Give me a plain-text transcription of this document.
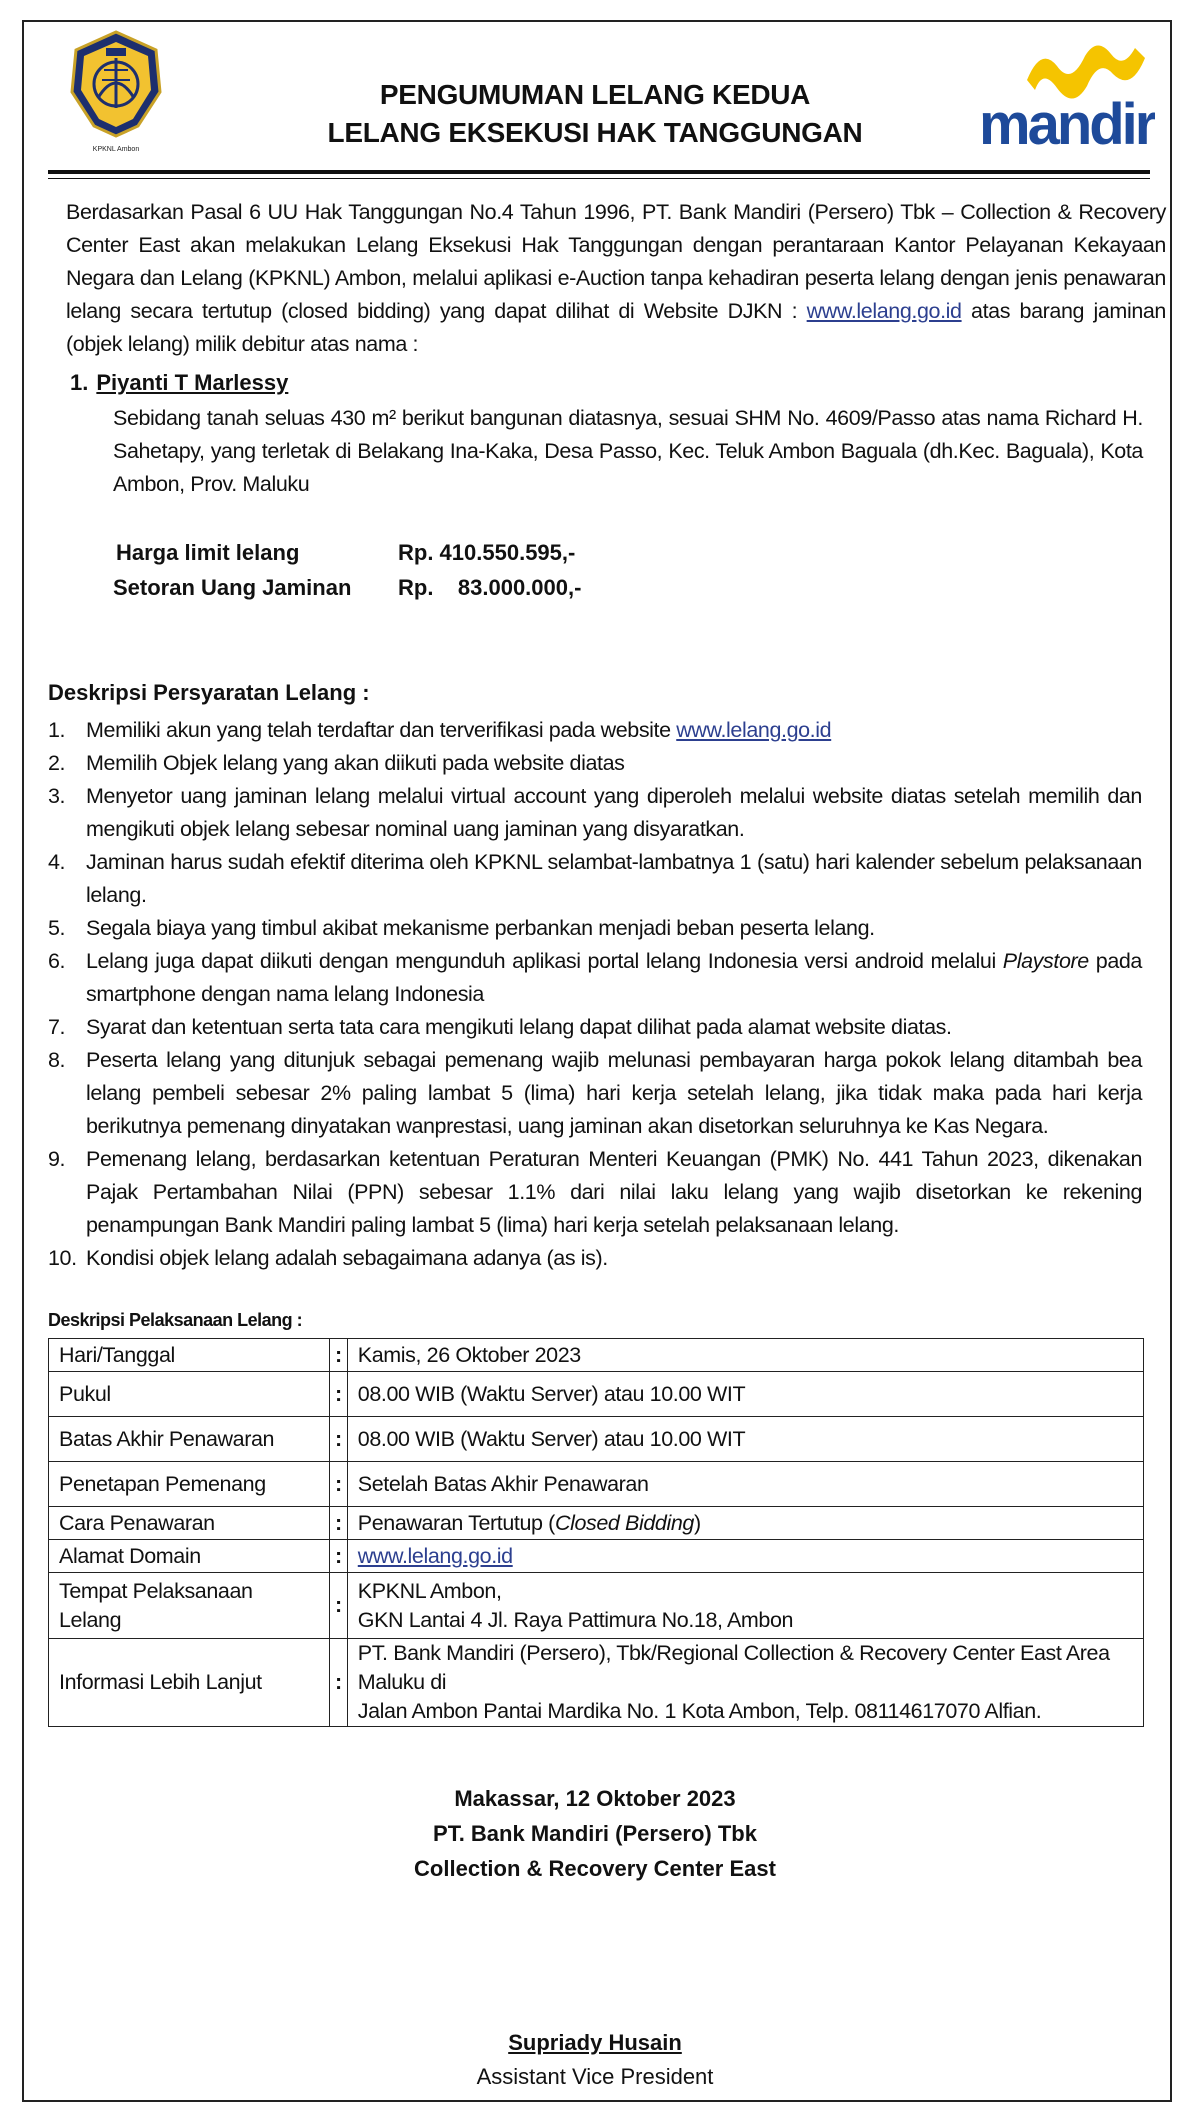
KPKNL Ambon	mandiri
PENGUMUMAN LELANG KEDUA
LELANG EKSEKUSI HAK TANGGUNGAN
Berdasarkan Pasal 6 UU Hak Tanggungan No.4 Tahun 1996, PT. Bank Mandiri (Persero) Tbk – Collection & Recovery Center East akan melakukan Lelang Eksekusi Hak Tanggungan dengan perantaraan Kantor Pelayanan Kekayaan Negara dan Lelang (KPKNL) Ambon, melalui aplikasi e-Auction tanpa kehadiran peserta lelang dengan jenis penawaran lelang secara tertutup (closed bidding) yang dapat dilihat di Website DJKN : www.lelang.go.id atas barang jaminan (objek lelang) milik debitur atas nama :
1. Piyanti T Marlessy
Sebidang tanah seluas 430 m² berikut bangunan diatasnya, sesuai SHM No. 4609/Passo atas nama Richard H. Sahetapy, yang terletak di Belakang Ina-Kaka, Desa Passo, Kec. Teluk Ambon Baguala (dh.Kec. Baguala), Kota Ambon, Prov. Maluku
Harga limit lelang	Rp. 410.550.595,-
Setoran Uang Jaminan Rp.    83.000.000,-
Deskripsi Persyaratan Lelang :
1. Memiliki akun yang telah terdaftar dan terverifikasi pada website www.lelang.go.id
2. Memilih Objek lelang yang akan diikuti pada website diatas
3. Menyetor uang jaminan lelang melalui virtual account yang diperoleh melalui website diatas setelah memilih dan mengikuti objek lelang sebesar nominal uang jaminan yang disyaratkan.
4. Jaminan harus sudah efektif diterima oleh KPKNL selambat-lambatnya 1 (satu) hari kalender sebelum pelaksanaan lelang.
5. Segala biaya yang timbul akibat mekanisme perbankan menjadi beban peserta lelang.
6. Lelang juga dapat diikuti dengan mengunduh aplikasi portal lelang Indonesia versi android melalui Playstore pada smartphone dengan nama lelang Indonesia
7. Syarat dan ketentuan serta tata cara mengikuti lelang dapat dilihat pada alamat website diatas.
8. Peserta lelang yang ditunjuk sebagai pemenang wajib melunasi pembayaran harga pokok lelang ditambah bea lelang pembeli sebesar 2% paling lambat 5 (lima) hari kerja setelah lelang, jika tidak maka pada hari kerja berikutnya pemenang dinyatakan wanprestasi, uang jaminan akan disetorkan seluruhnya ke Kas Negara.
9. Pemenang lelang, berdasarkan ketentuan Peraturan Menteri Keuangan (PMK) No. 441 Tahun 2023, dikenakan Pajak Pertambahan Nilai (PPN) sebesar 1.1% dari nilai laku lelang yang wajib disetorkan ke rekening penampungan Bank Mandiri paling lambat 5 (lima) hari kerja setelah pelaksanaan lelang.
10. Kondisi objek lelang adalah sebagaimana adanya (as is).
Deskripsi Pelaksanaan Lelang :
Hari/Tanggal	:	Kamis, 26 Oktober 2023
Pukul	:	08.00 WIB (Waktu Server) atau 10.00 WIT
Batas Akhir Penawaran	:	08.00 WIB (Waktu Server) atau 10.00 WIT
Penetapan Pemenang	:	Setelah Batas Akhir Penawaran
Cara Penawaran	:	Penawaran Tertutup (Closed Bidding)
Alamat Domain	:	www.lelang.go.id
Tempat Pelaksanaan Lelang	:	KPKNL Ambon,
GKN Lantai 4 Jl. Raya Pattimura No.18, Ambon

Informasi Lebih Lanjut	:	PT. Bank Mandiri (Persero), Tbk/Regional Collection & Recovery Center East Area Maluku di
Jalan Ambon Pantai Mardika No. 1 Kota Ambon, Telp. 08114617070 Alfian.
Makassar, 12 Oktober 2023
PT. Bank Mandiri (Persero) Tbk
Collection & Recovery Center East
Supriady Husain
Assistant Vice President
